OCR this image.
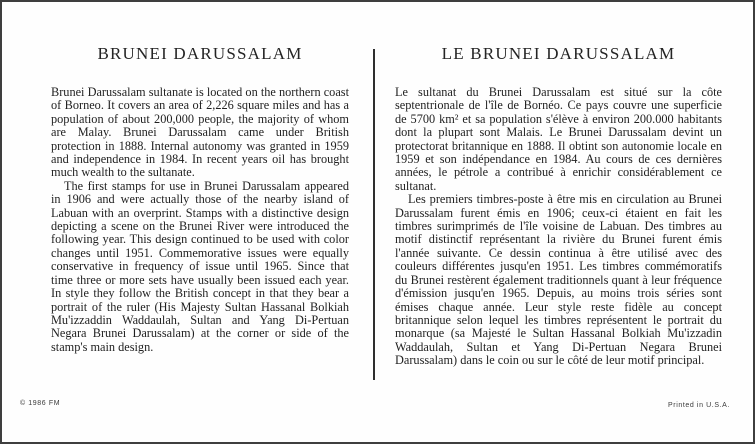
BRUNEI DARUSSALAM

Brunei Darussalam sultanate is located on the northern coast of Borneo. It covers an area of 2,226 square miles and has a population of about 200,000 people, the majority of whom are Malay. Brunei Darussalam came under British protection in 1888. Internal autonomy was granted in 1959 and independence in 1984. In recent years oil has brought much wealth to the sultanate.

The first stamps for use in Brunei Darussalam appeared in 1906 and were actually those of the nearby island of Labuan with an overprint. Stamps with a distinctive design depicting a scene on the Brunei River were introduced the following year. This design continued to be used with color changes until 1951. Commemorative issues were equally conservative in frequency of issue until 1965. Since that time three or more sets have usually been issued each year. In style they follow the British concept in that they bear a portrait of the ruler (His Majesty Sultan Hassanal Bolkiah Mu'izzaddin Waddaulah, Sultan and Yang Di-Pertuan Negara Brunei Darussalam) at the corner or side of the stamp's main design.

LE BRUNEI DARUSSALAM

Le sultanat du Brunei Darussalam est situé sur la côte septentrionale de l'île de Bornéo. Ce pays couvre une superficie de 5700 km² et sa population s'élève à environ 200.000 habitants dont la plupart sont Malais. Le Brunei Darussalam devint un protectorat britannique en 1888. Il obtint son autonomie locale en 1959 et son indépendance en 1984. Au cours de ces dernières années, le pétrole a contribué à enrichir considérablement ce sultanat.

Les premiers timbres-poste à être mis en circulation au Brunei Darussalam furent émis en 1906; ceux-ci étaient en fait les timbres surimprimés de l'île voisine de Labuan. Des timbres au motif distinctif représentant la rivière du Brunei furent émis l'année suivante. Ce dessin continua à être utilisé avec des couleurs différentes jusqu'en 1951. Les timbres commémoratifs du Brunei restèrent également traditionnels quant à leur fréquence d'émission jusqu'en 1965. Depuis, au moins trois séries sont émises chaque année. Leur style reste fidèle au concept britannique selon lequel les timbres représentent le portrait du monarque (sa Majesté le Sultan Hassanal Bolkiah Mu'izzadin Waddaulah, Sultan et Yang Di-Pertuan Negara Brunei Darussalam) dans le coin ou sur le côté de leur motif principal.

© 1986 FM	Printed in U.S.A.
